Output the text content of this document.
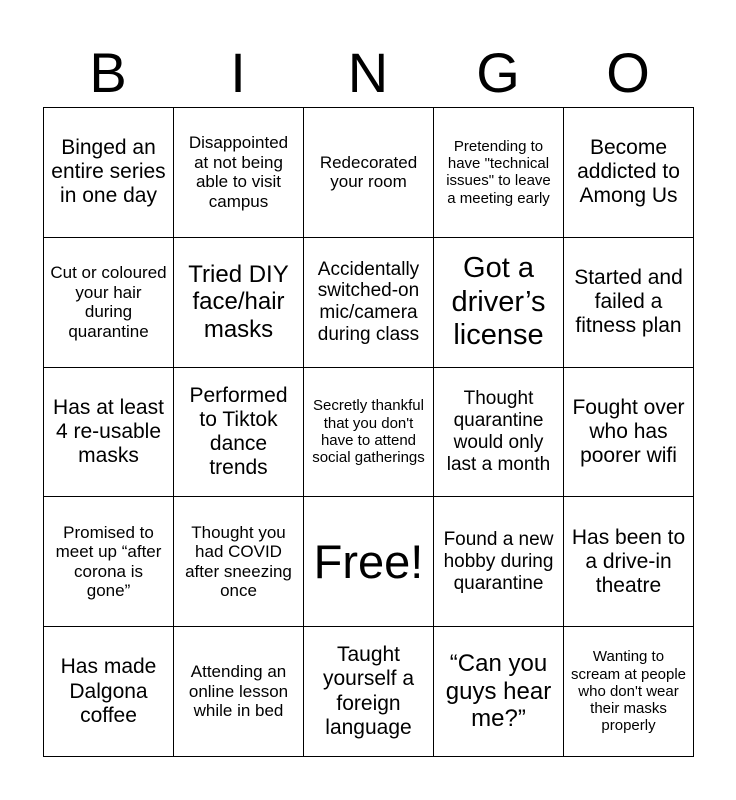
B	I	N	G	O
Binged an entire series in one day	Disappointed at not being able to visit campus	Redecorated your room	Pretending to have "technical issues" to leave a meeting early	Become addicted to Among Us
Cut or coloured your hair during quarantine	Tried DIY face/hair masks	Accidentally switched-on mic/camera during class	Got a driver’s license	Started and failed a fitness plan
Has at least 4 re-usable masks	Performed to Tiktok dance trends	Secretly thankful that you don't have to attend social gatherings	Thought quarantine would only last a month	Fought over who has poorer wifi
Promised to meet up “after corona is gone”	Thought you had COVID after sneezing once	Free!	Found a new hobby during quarantine	Has been to a drive-in theatre
Has made Dalgona coffee	Attending an online lesson while in bed	Taught yourself a foreign language	“Can you guys hear me?”	Wanting to scream at people who don't wear their masks properly
